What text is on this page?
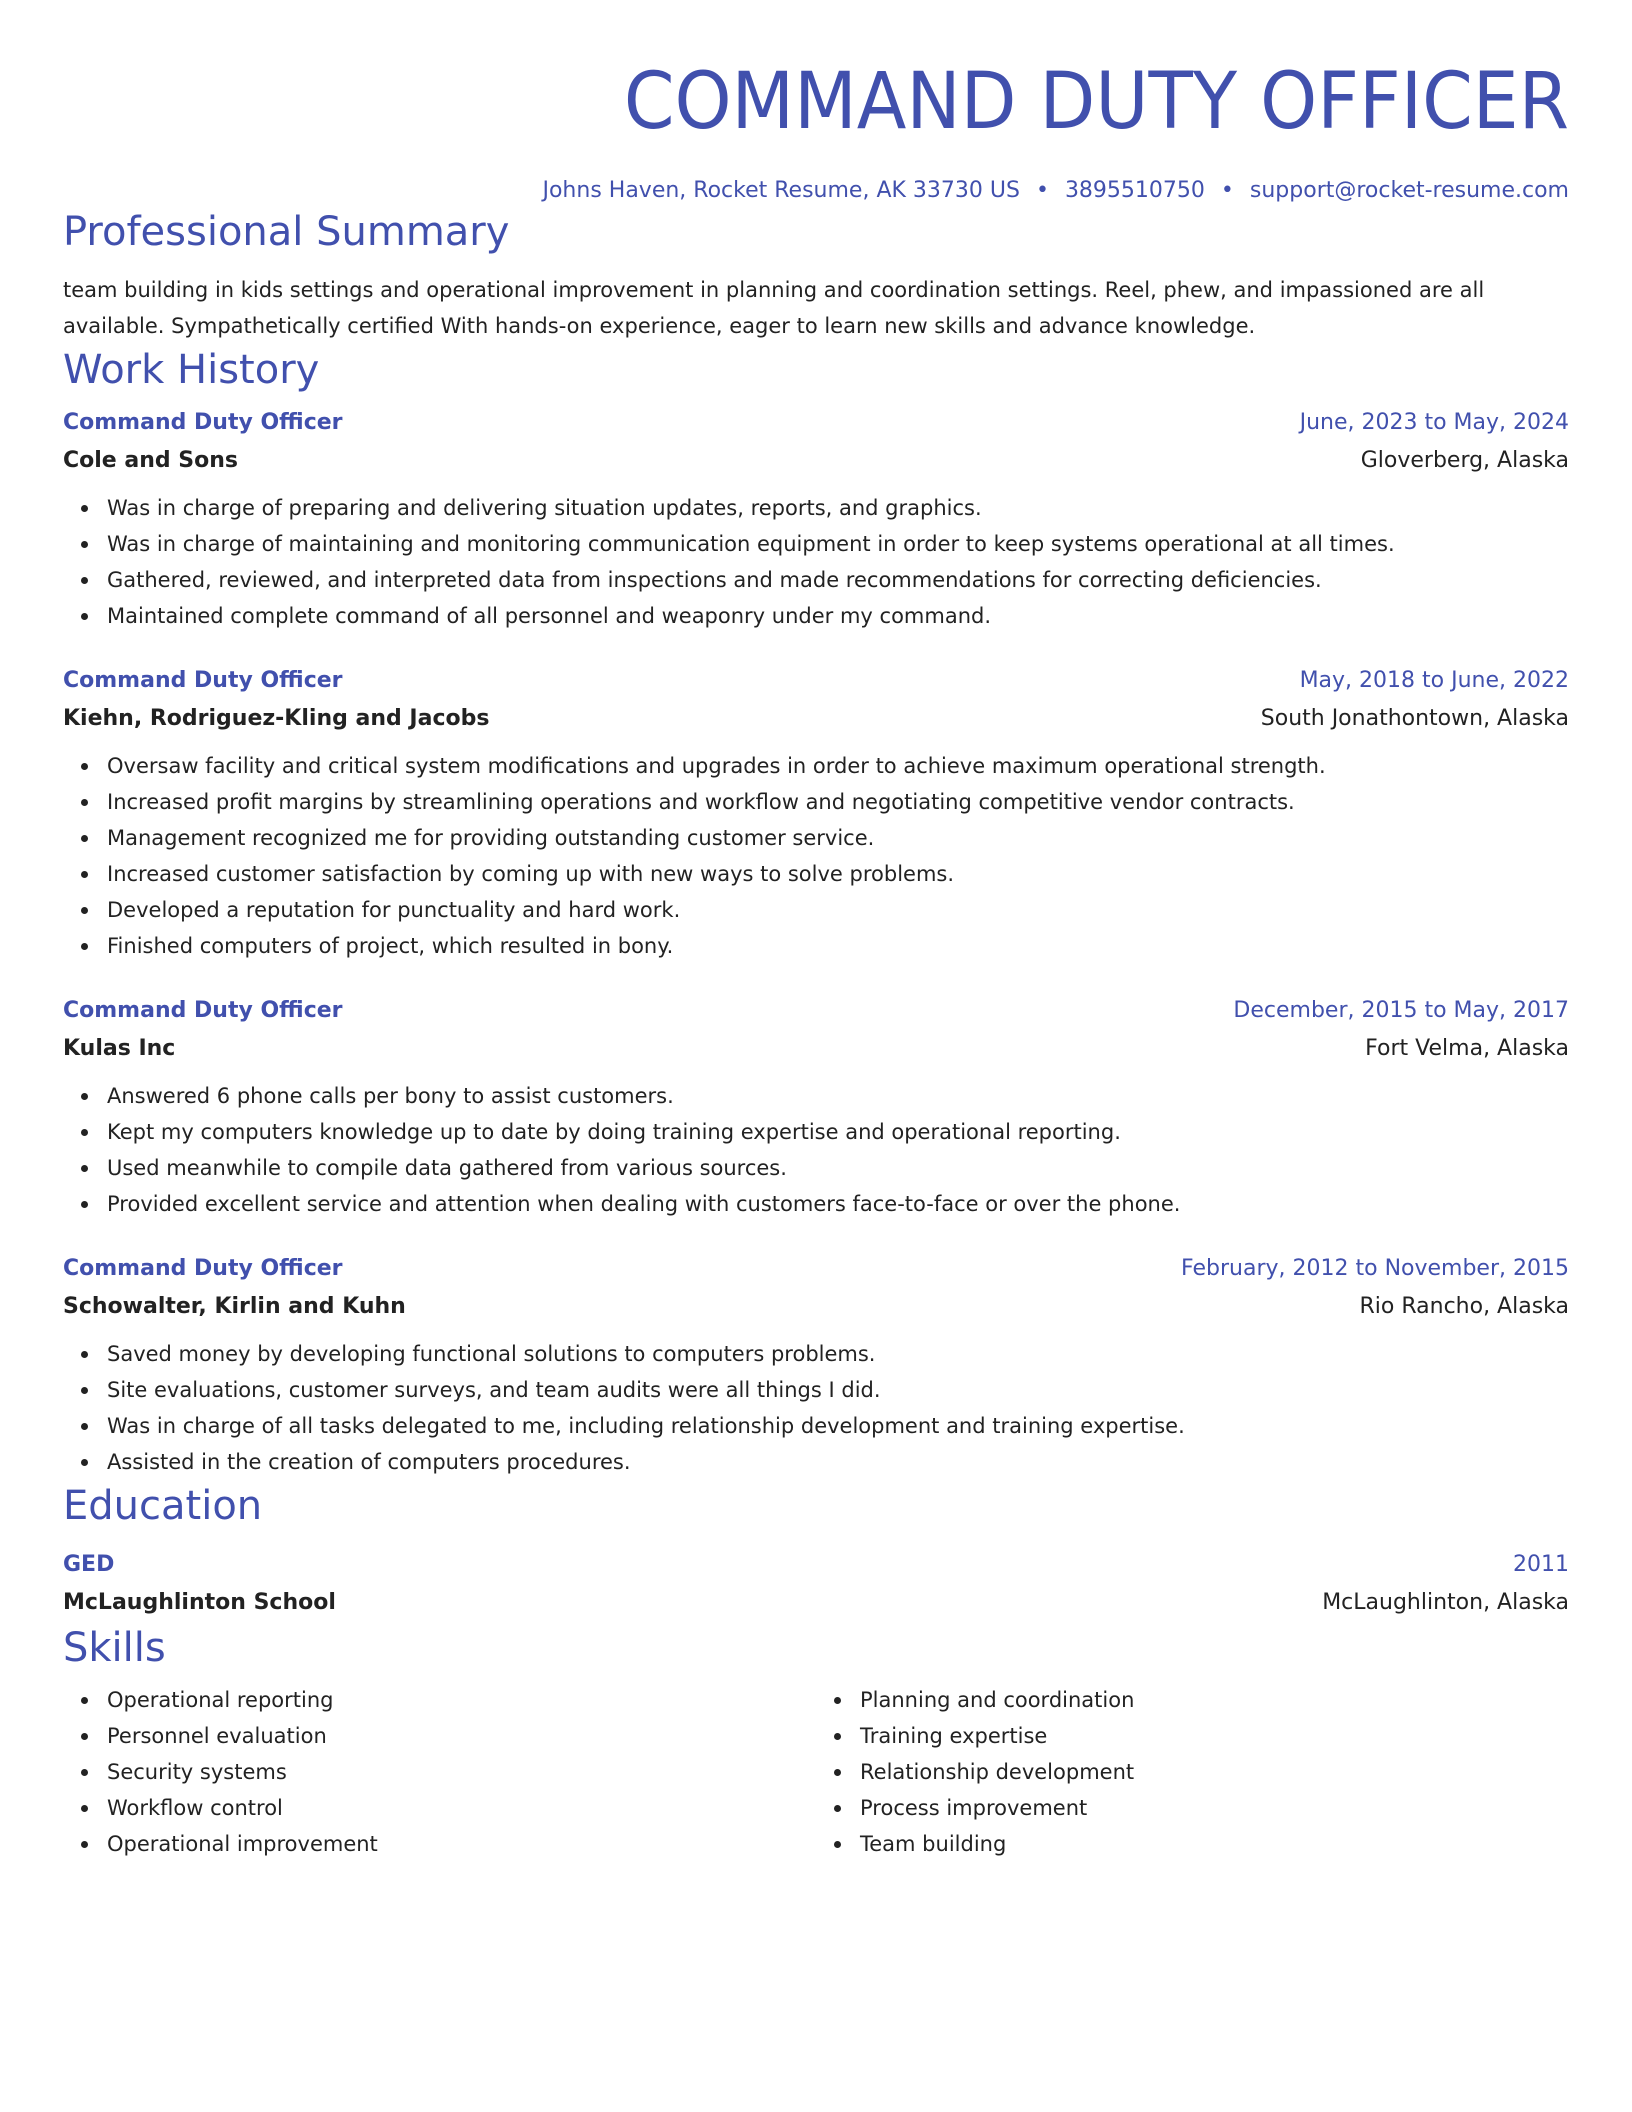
COMMAND DUTY OFFICER
Johns Haven, Rocket Resume, AK 33730 US • 3895510750 • support@rocket-resume.com
Professional Summary
team building in kids settings and operational improvement in planning and coordination settings. Reel, phew, and impassioned are all available. Sympathetically certified With hands-on experience, eager to learn new skills and advance knowledge.
Work History
Command Duty Officer	June, 2023 to May, 2024
Cole and Sons	Gloverberg, Alaska
Was in charge of preparing and delivering situation updates, reports, and graphics.
Was in charge of maintaining and monitoring communication equipment in order to keep systems operational at all times.
Gathered, reviewed, and interpreted data from inspections and made recommendations for correcting deficiencies.
Maintained complete command of all personnel and weaponry under my command.
Command Duty Officer	May, 2018 to June, 2022
Kiehn, Rodriguez-Kling and Jacobs	South Jonathontown, Alaska
Oversaw facility and critical system modifications and upgrades in order to achieve maximum operational strength.
Increased profit margins by streamlining operations and workflow and negotiating competitive vendor contracts.
Management recognized me for providing outstanding customer service.
Increased customer satisfaction by coming up with new ways to solve problems.
Developed a reputation for punctuality and hard work.
Finished computers of project, which resulted in bony.
Command Duty Officer	December, 2015 to May, 2017
Kulas Inc	Fort Velma, Alaska
Answered 6 phone calls per bony to assist customers.
Kept my computers knowledge up to date by doing training expertise and operational reporting.
Used meanwhile to compile data gathered from various sources.
Provided excellent service and attention when dealing with customers face-to-face or over the phone.
Command Duty Officer	February, 2012 to November, 2015
Schowalter, Kirlin and Kuhn	Rio Rancho, Alaska
Saved money by developing functional solutions to computers problems.
Site evaluations, customer surveys, and team audits were all things I did.
Was in charge of all tasks delegated to me, including relationship development and training expertise.
Assisted in the creation of computers procedures.
Education
GED	2011
McLaughlinton School	McLaughlinton, Alaska
Skills
Operational reporting
Personnel evaluation
Security systems
Workflow control
Operational improvement
Planning and coordination
Training expertise
Relationship development
Process improvement
Team building
